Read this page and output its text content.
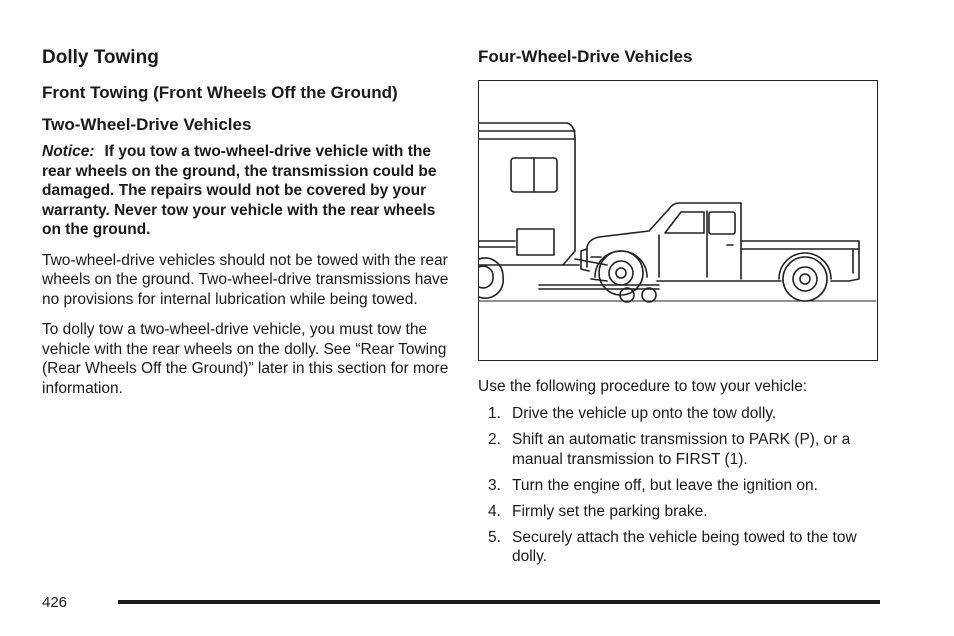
Dolly Towing
Front Towing (Front Wheels Off the Ground)
Two-Wheel-Drive Vehicles

Notice: If you tow a two-wheel-drive vehicle with the rear wheels on the ground, the transmission could be damaged. The repairs would not be covered by your warranty. Never tow your vehicle with the rear wheels on the ground.

Two-wheel-drive vehicles should not be towed with the rear wheels on the ground. Two-wheel-drive transmissions have no provisions for internal lubrication while being towed.

To dolly tow a two-wheel-drive vehicle, you must tow the vehicle with the rear wheels on the dolly. See “Rear Towing (Rear Wheels Off the Ground)” later in this section for more information.

Four-Wheel-Drive Vehicles

Use the following procedure to tow your vehicle:

1. Drive the vehicle up onto the tow dolly.
2. Shift an automatic transmission to PARK (P), or a manual transmission to FIRST (1).
3. Turn the engine off, but leave the ignition on.
4. Firmly set the parking brake.
5. Securely attach the vehicle being towed to the tow dolly.
426
